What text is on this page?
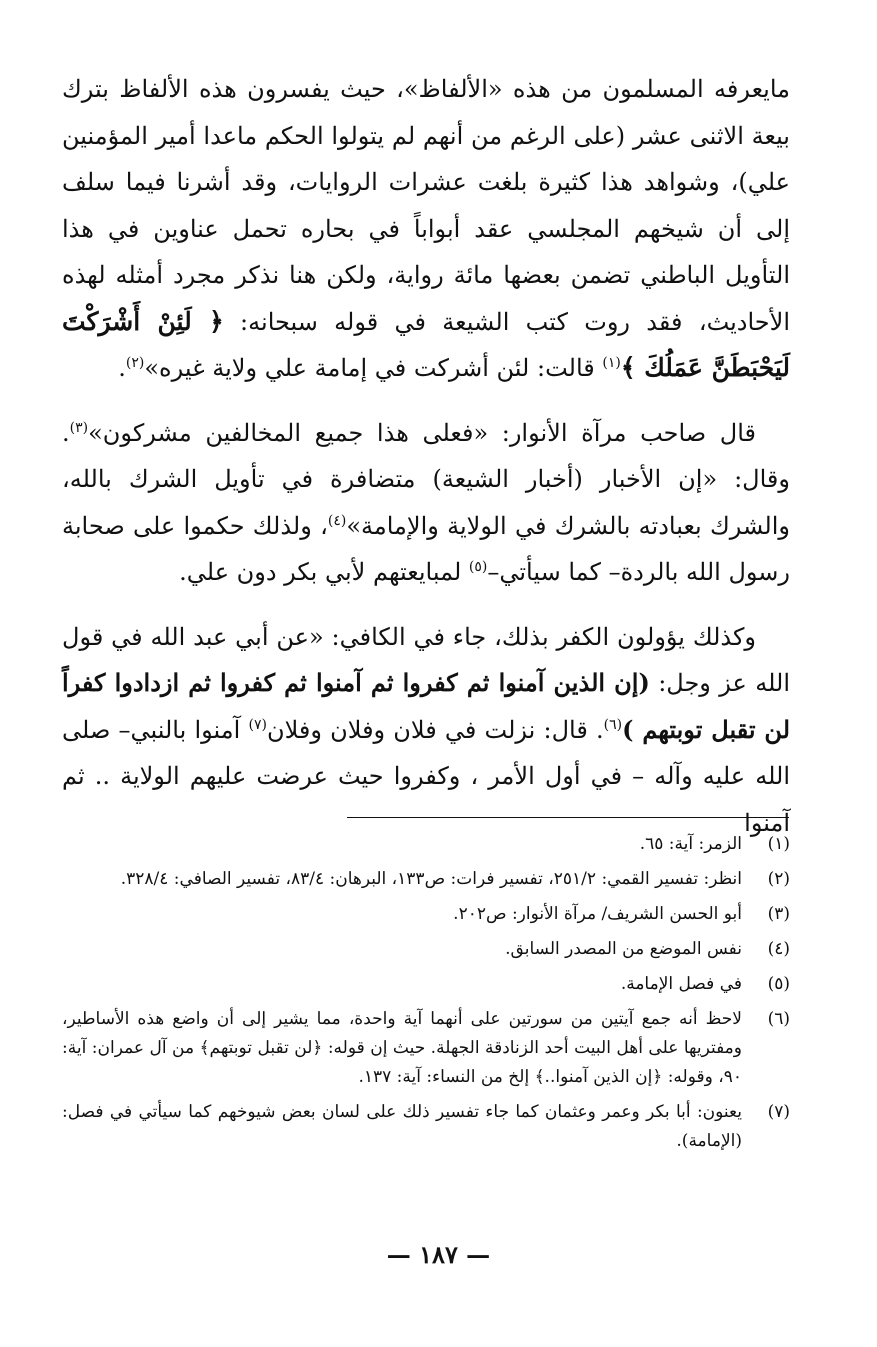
مايعرفه المسلمون من هذه «الألفاظ»، حيث يفسرون هذه الألفاظ بترك بيعة الاثنى عشر (على الرغم من أنهم لم يتولوا الحكم ماعدا أمير المؤمنين علي)، وشواهد هذا كثيرة بلغت عشرات الروايات، وقد أشرنا فيما سلف إلى أن شيخهم المجلسي عقد أبواباً في بحاره تحمل عناوين في هذا التأويل الباطني تضمن بعضها مائة رواية، ولكن هنا نذكر مجرد أمثله لهذه الأحاديث، فقد روت كتب الشيعة في قوله سبحانه: ﴿ لَئِنْ أَشْرَكْتَ لَيَحْبَطَنَّ عَمَلُكَ ﴾$^{(١)}$ قالت: لئن أشركت في إمامة علي ولاية غيره»$^{(٢)}$.

قال صاحب مرآة الأنوار: «فعلى هذا جميع المخالفين مشركون»$^{(٣)}$. وقال: «إن الأخبار (أخبار الشيعة) متضافرة في تأويل الشرك بالله، والشرك بعبادته بالشرك في الولاية والإمامة»$^{(٤)}$، ولذلك حكموا على صحابة رسول الله بالردة– كما سيأتي–$^{(٥)}$ لمبايعتهم لأبي بكر دون علي.

وكذلك يؤولون الكفر بذلك، جاء في الكافي: «عن أبي عبد الله في قول الله عز وجل: (إن الذين آمنوا ثم كفروا ثم آمنوا ثم كفروا ثم ازدادوا كفراً لن تقبل توبتهم )$^{(٦)}$. قال: نزلت في فلان وفلان وفلان$^{(٧)}$ آمنوا بالنبي– صلى الله عليه وآله – في أول الأمر ، وكفروا حيث عرضت عليهم الولاية .. ثم آمنوا

(١)
الزمر: آية: ٦٥.
(٢)
انظر: تفسير القمي: ٢٥١/٢، تفسير فرات: ص١٣٣، البرهان: ٨٣/٤، تفسير الصافي: ٣٢٨/٤.
(٣)
أبو الحسن الشريف/ مرآة الأنوار: ص٢٠٢.
(٤)
نفس الموضع من المصدر السابق.
(٥)
في فصل الإمامة.
(٦)
لاحظ أنه جمع آيتين من سورتين على أنهما آية واحدة، مما يشير إلى أن واضع هذه الأساطير، ومفتريها على أهل البيت أحد الزنادقة الجهلة. حيث إن قوله: ﴿لن تقبل توبتهم﴾ من آل عمران: آية: ٩٠، وقوله: ﴿إن الذين آمنوا..﴾ إلخ من النساء: آية: ١٣٧.
(٧)
يعنون: أبا بكر وعمر وعثمان كما جاء تفسير ذلك على لسان بعض شيوخهم كما سيأتي في فصل: (الإمامة).
— ١٨٧ —
